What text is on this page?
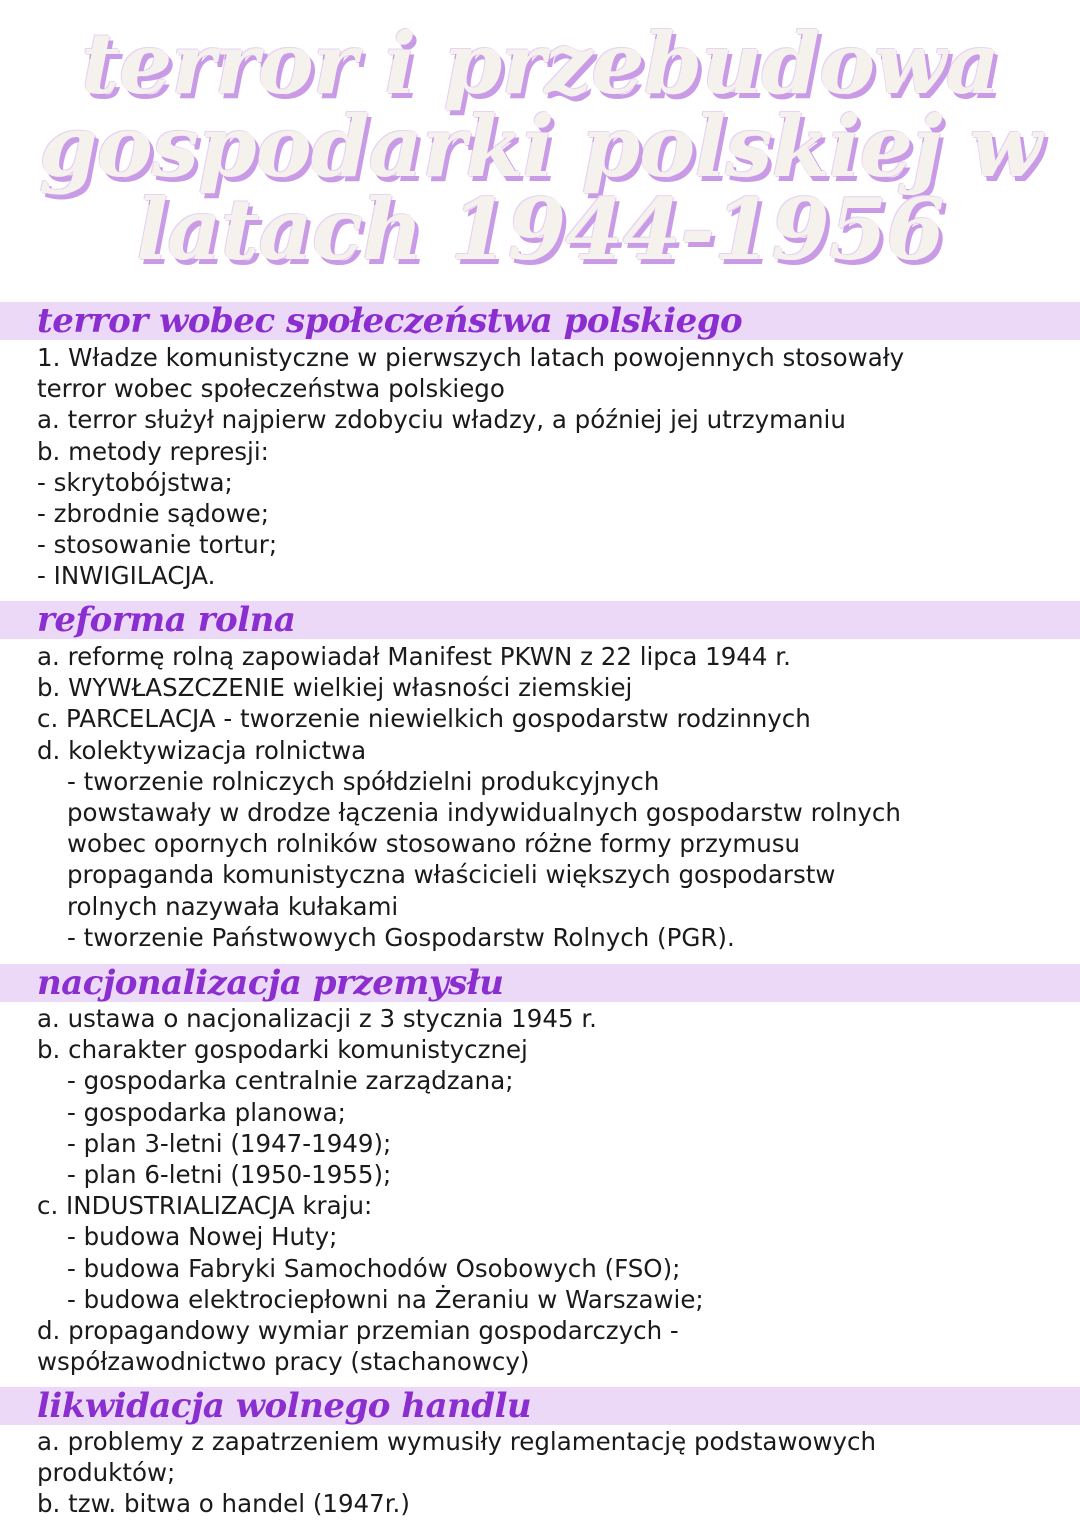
terror i przebudowa
gospodarki polskiej w
latach 1944-1956
terror wobec społeczeństwa polskiego
1. Władze komunistyczne w pierwszych latach powojennych stosowały
terror wobec społeczeństwa polskiego
a. terror służył najpierw zdobyciu władzy, a później jej utrzymaniu
b. metody represji:
- skrytobójstwa;
- zbrodnie sądowe;
- stosowanie tortur;
- INWIGILACJA.
reforma rolna
a. reformę rolną zapowiadał Manifest PKWN z 22 lipca 1944 r.
b. WYWŁASZCZENIE wielkiej własności ziemskiej
c. PARCELACJA - tworzenie niewielkich gospodarstw rodzinnych
d. kolektywizacja rolnictwa
- tworzenie rolniczych spółdzielni produkcyjnych
powstawały w drodze łączenia indywidualnych gospodarstw rolnych
wobec opornych rolników stosowano różne formy przymusu
propaganda komunistyczna właścicieli większych gospodarstw
rolnych nazywała kułakami
- tworzenie Państwowych Gospodarstw Rolnych (PGR).
nacjonalizacja przemysłu
a. ustawa o nacjonalizacji z 3 stycznia 1945 r.
b. charakter gospodarki komunistycznej
- gospodarka centralnie zarządzana;
- gospodarka planowa;
- plan 3-letni (1947-1949);
- plan 6-letni (1950-1955);
c. INDUSTRIALIZACJA kraju:
- budowa Nowej Huty;
- budowa Fabryki Samochodów Osobowych (FSO);
- budowa elektrociepłowni na Żeraniu w Warszawie;
d. propagandowy wymiar przemian gospodarczych -
współzawodnictwo pracy (stachanowcy)
likwidacja wolnego handlu
a. problemy z zapatrzeniem wymusiły reglamentację podstawowych
produktów;
b. tzw. bitwa o handel (1947r.)
